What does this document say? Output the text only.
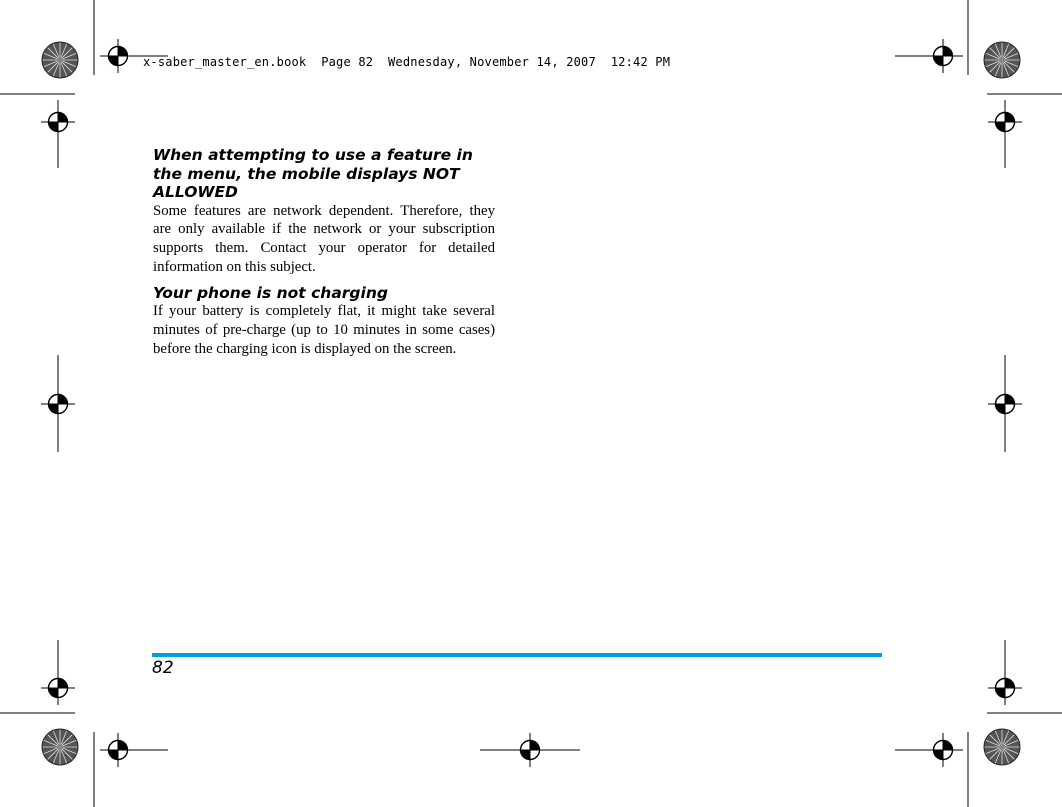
x-saber_master_en.book  Page 82  Wednesday, November 14, 2007  12:42 PM
When attempting to use a feature in the menu, the mobile displays NOT ALLOWED

Some features are network dependent. Therefore, they are only available if the network or your subscription supports them. Contact your operator for detailed information on this subject.

Your phone is not charging

If your battery is completely flat, it might take several minutes of pre-charge (up to 10 minutes in some cases) before the charging icon is displayed on the screen.

82
